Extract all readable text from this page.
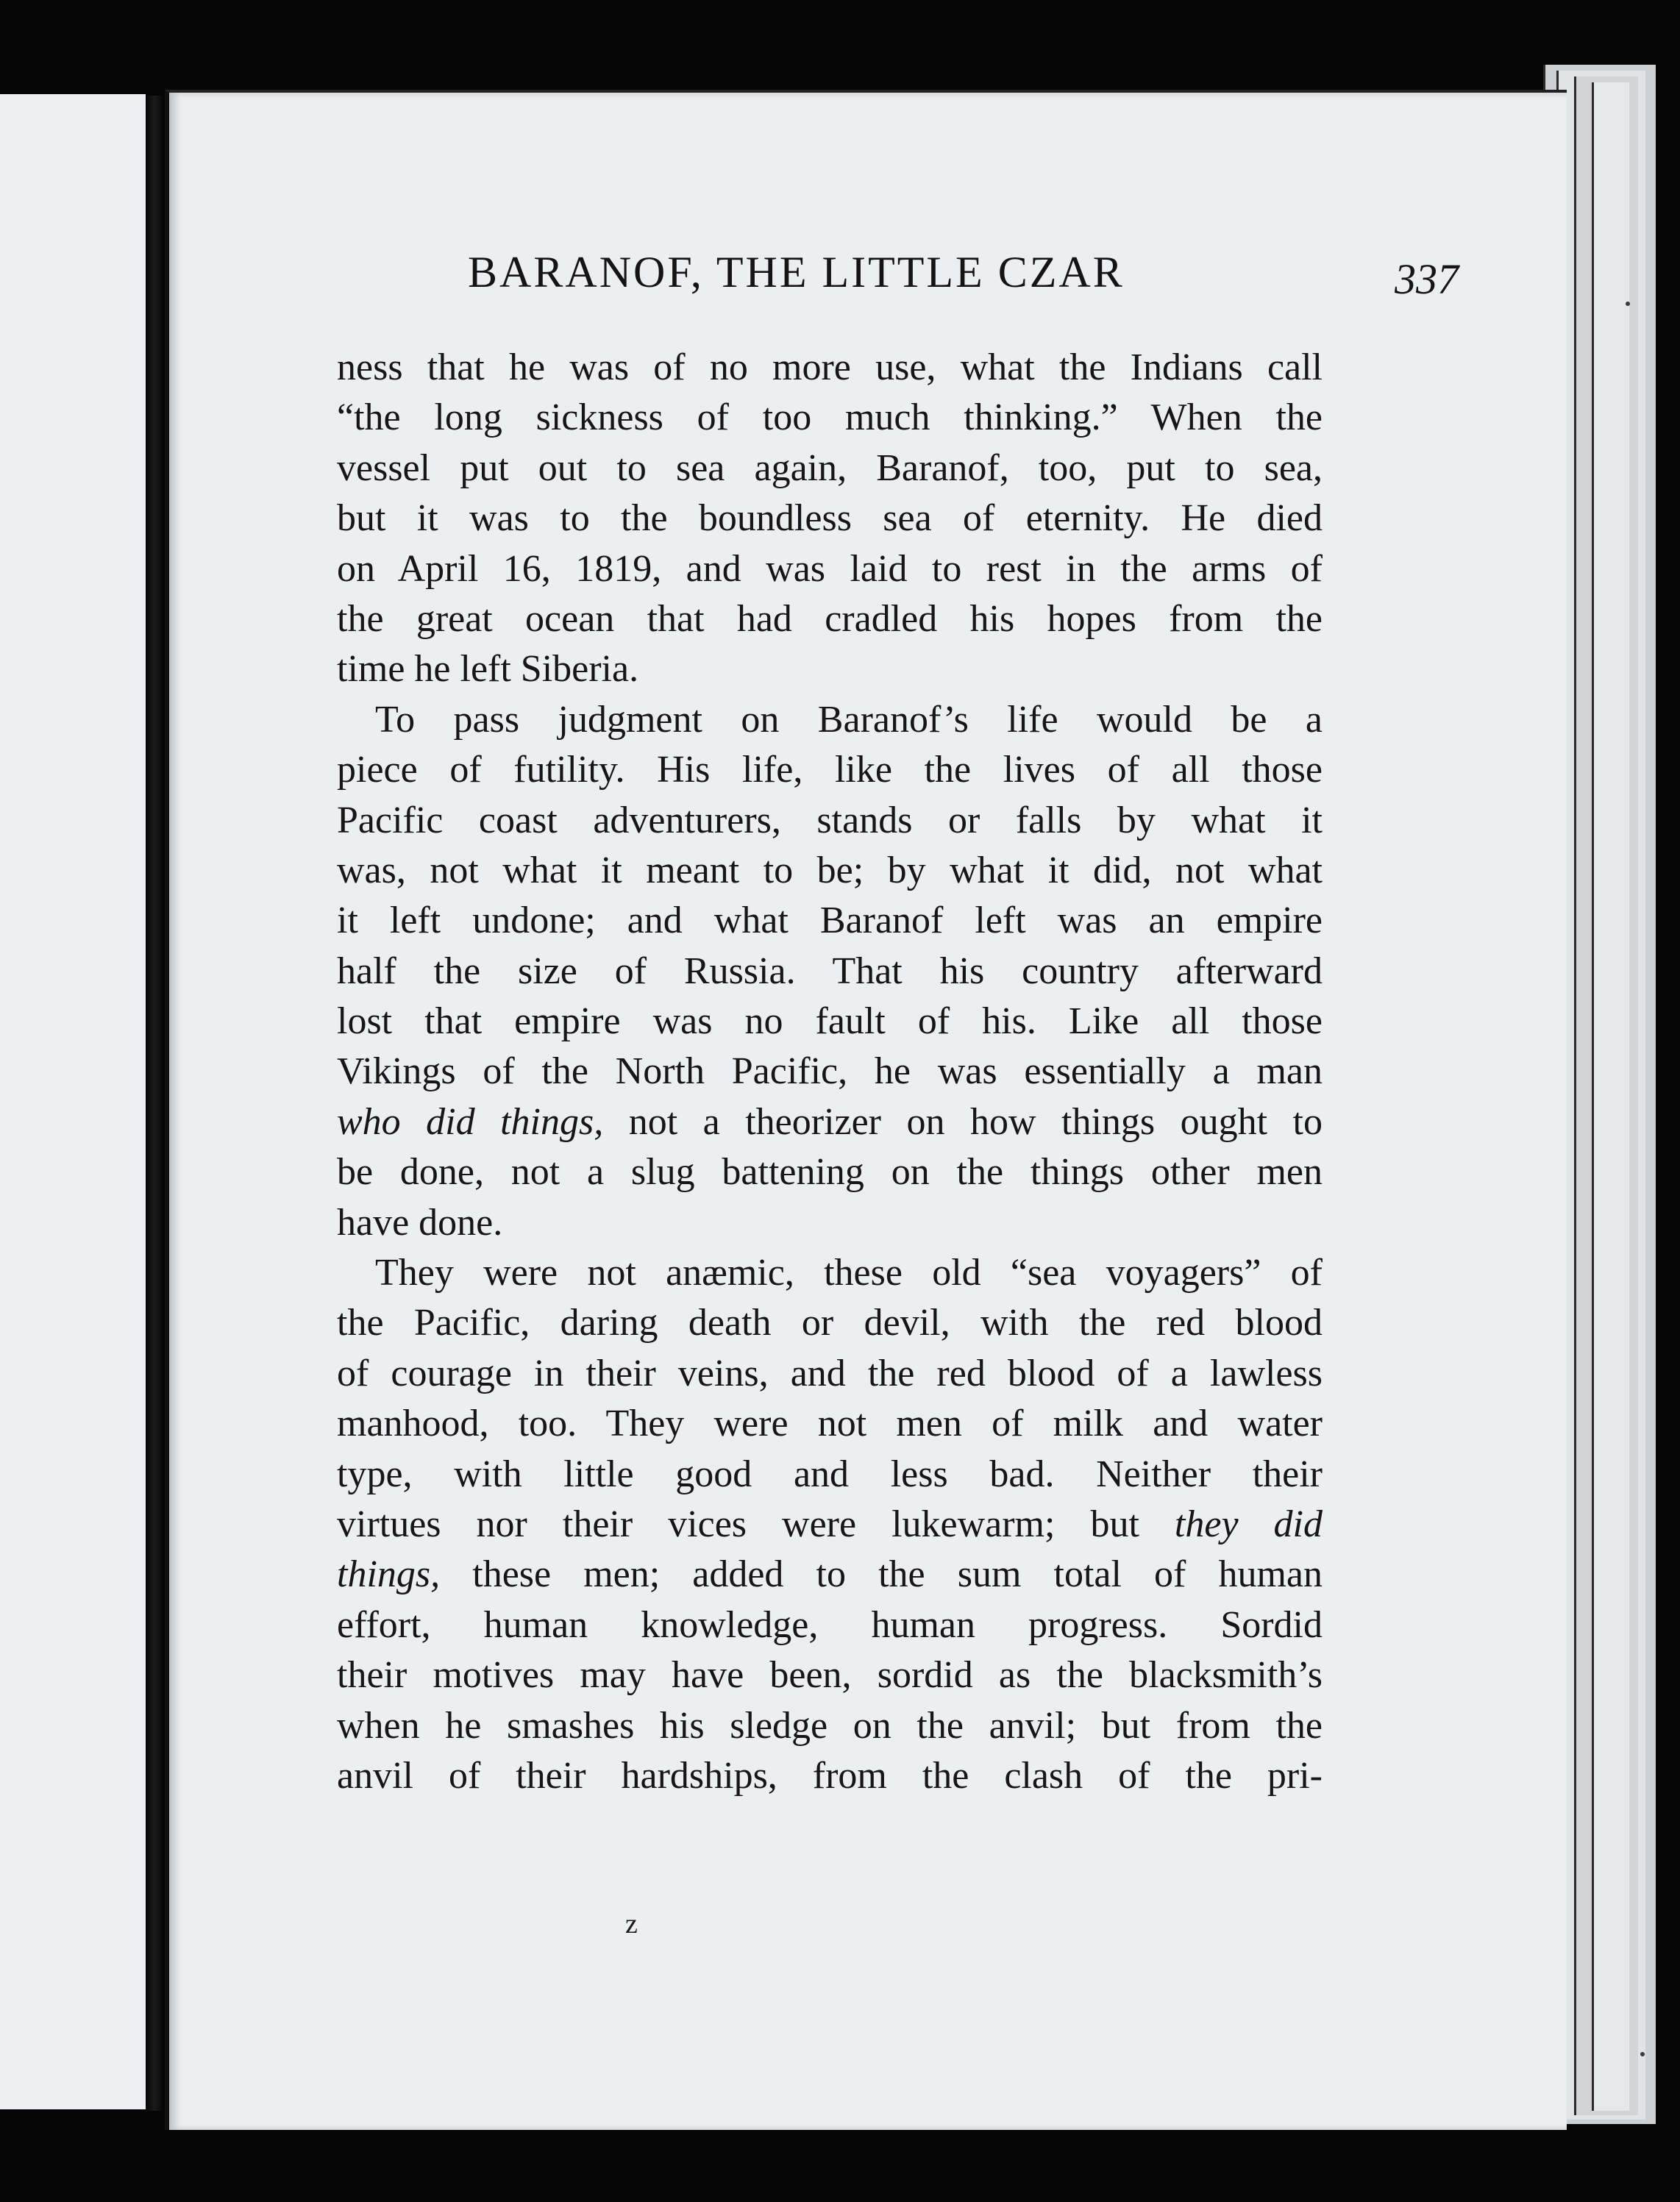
BARANOF, THE LITTLE CZAR	337
ness that he was of no more use, what the Indians call
“the long sickness of too much thinking.” When the
vessel put out to sea again, Baranof, too, put to sea,
but it was to the boundless sea of eternity. He died
on April 16, 1819, and was laid to rest in the arms of
the great ocean that had cradled his hopes from the
time he left Siberia.
To pass judgment on Baranof’s life would be a
piece of futility. His life, like the lives of all those
Pacific coast adventurers, stands or falls by what it
was, not what it meant to be; by what it did, not what
it left undone; and what Baranof left was an empire
half the size of Russia. That his country afterward
lost that empire was no fault of his. Like all those
Vikings of the North Pacific, he was essentially a man
who did things, not a theorizer on how things ought to
be done, not a slug battening on the things other men
have done.
They were not anæmic, these old “sea voyagers” of
the Pacific, daring death or devil, with the red blood
of courage in their veins, and the red blood of a lawless
manhood, too. They were not men of milk and water
type, with little good and less bad. Neither their
virtues nor their vices were lukewarm; but they did
things, these men; added to the sum total of human
effort, human knowledge, human progress. Sordid
their motives may have been, sordid as the blacksmith’s
when he smashes his sledge on the anvil; but from the
anvil of their hardships, from the clash of the pri-
z
